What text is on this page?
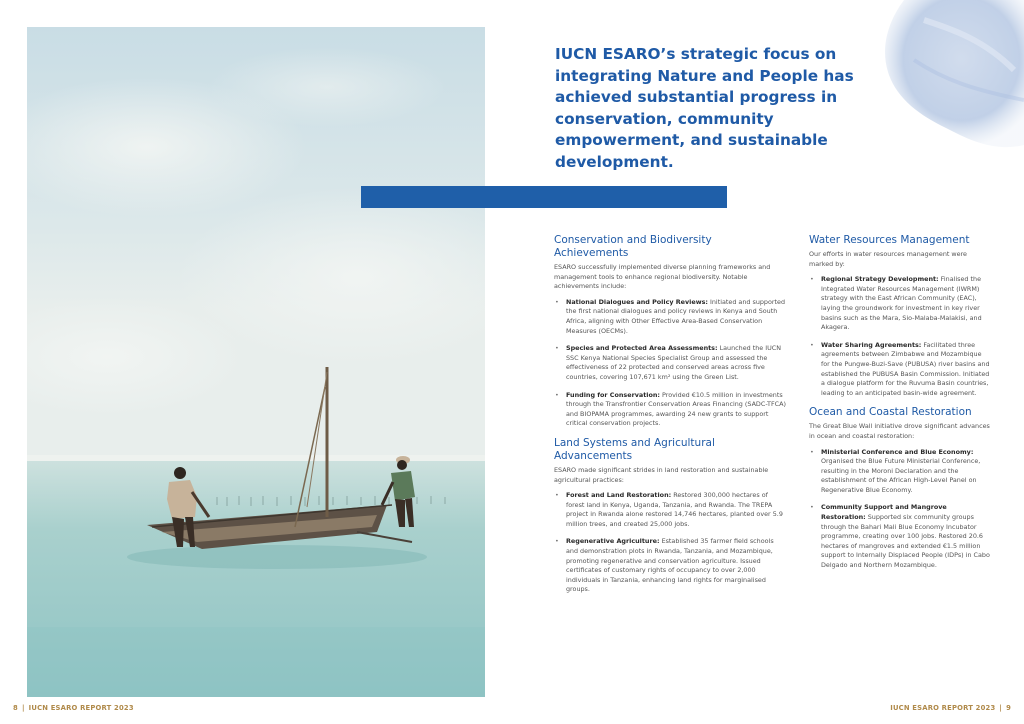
IUCN ESARO’s strategic focus on integrating Nature and People has achieved substantial progress in conservation, community empowerment, and sustainable development.
Conservation and Biodiversity Achievements

ESARO successfully implemented diverse planning frameworks and management tools to enhance regional biodiversity. Notable achievements include:

• National Dialogues and Policy Reviews: Initiated and supported the first national dialogues and policy reviews in Kenya and South Africa, aligning with Other Effective Area-Based Conservation Measures (OECMs).
• Species and Protected Area Assessments: Launched the IUCN SSC Kenya National Species Specialist Group and assessed the effectiveness of 22 protected and conserved areas across five countries, covering 107,671 km² using the Green List.
• Funding for Conservation: Provided €10.5 million in investments through the Transfrontier Conservation Areas Financing (SADC-TFCA) and BIOPAMA programmes, awarding 24 new grants to support critical conservation projects.
Land Systems and Agricultural Advancements

ESARO made significant strides in land restoration and sustainable agricultural practices:

• Forest and Land Restoration: Restored 300,000 hectares of forest land in Kenya, Uganda, Tanzania, and Rwanda. The TREPA project in Rwanda alone restored 14,746 hectares, planted over 5.9 million trees, and created 25,000 jobs.
• Regenerative Agriculture: Established 35 farmer field schools and demonstration plots in Rwanda, Tanzania, and Mozambique, promoting regenerative and conservation agriculture. Issued certificates of customary rights of occupancy to over 2,000 individuals in Tanzania, enhancing land rights for marginalised groups.
Water Resources Management

Our efforts in water resources management were marked by:

• Regional Strategy Development: Finalised the Integrated Water Resources Management (IWRM) strategy with the East African Community (EAC), laying the groundwork for investment in key river basins such as the Mara, Sio-Malaba-Malakisi, and Akagera.
• Water Sharing Agreements: Facilitated three agreements between Zimbabwe and Mozambique for the Pungwe-Buzi-Save (PUBUSA) river basins and established the PUBUSA Basin Commission. Initiated a dialogue platform for the Ruvuma Basin countries, leading to an anticipated basin-wide agreement.
Ocean and Coastal Restoration

The Great Blue Wall initiative drove significant advances in ocean and coastal restoration:

• Ministerial Conference and Blue Economy: Organised the Blue Future Ministerial Conference, resulting in the Moroni Declaration and the establishment of the African High-Level Panel on Regenerative Blue Economy.
• Community Support and Mangrove Restoration: Supported six community groups through the Bahari Mali Blue Economy Incubator programme, creating over 100 jobs. Restored 20.6 hectares of mangroves and extended €1.5 million support to Internally Displaced People (IDPs) in Cabo Delgado and Northern Mozambique.
8 | IUCN ESARO REPORT 2023	IUCN ESARO REPORT 2023 | 9
